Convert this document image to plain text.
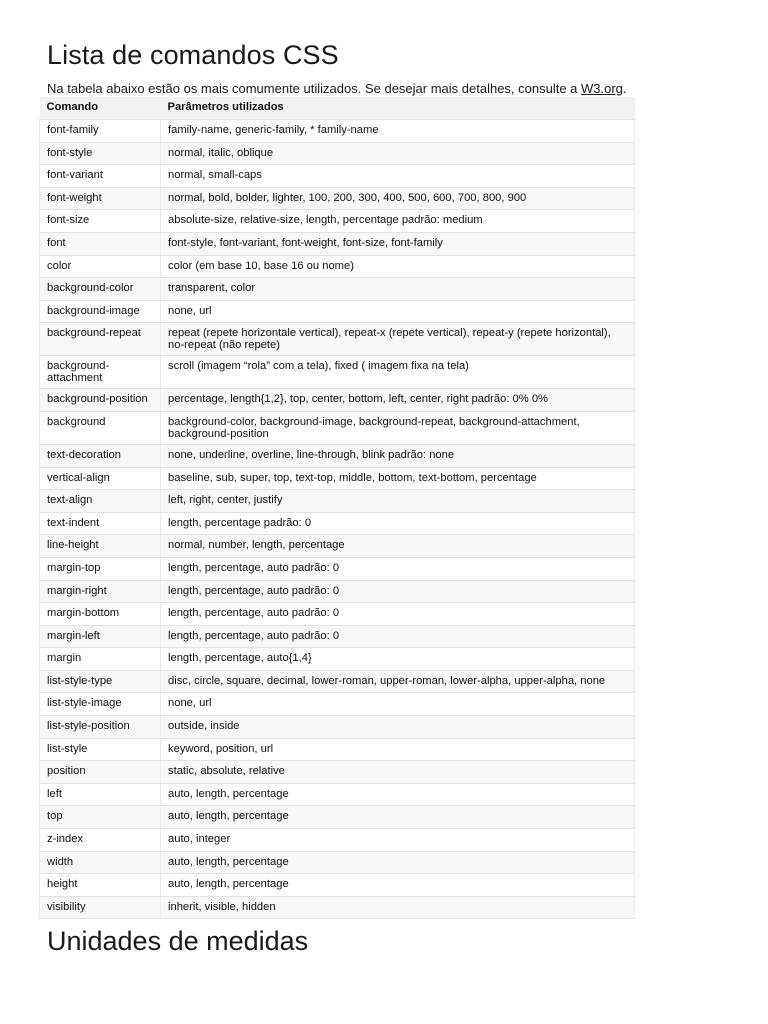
Lista de comandos CSS

Na tabela abaixo estão os mais comumente utilizados. Se desejar mais detalhes, consulte a W3.org.

Comando	Parâmetros utilizados
font-family	family-name, generic-family, * family-name
font-style	normal, italic, oblique
font-variant	normal, small-caps
font-weight	normal, bold, bolder, lighter, 100, 200, 300, 400, 500, 600, 700, 800, 900
font-size	absolute-size, relative-size, length, percentage padrão: medium
font	font-style, font-variant, font-weight, font-size, font-family
color	color (em base 10, base 16 ou nome)
background-color	transparent, color
background-image	none, url
background-repeat	repeat (repete horizontale vertical), repeat-x (repete vertical), repeat-y (repete horizontal), no-repeat (não repete)
background-attachment	scroll (imagem “rola” com a tela), fixed ( imagem fixa na tela)
background-position	percentage, length{1,2}, top, center, bottom, left, center, right padrão: 0% 0%
background	background-color, background-image, background-repeat, background-attachment, background-position
text-decoration	none, underline, overline, line-through, blink padrão: none
vertical-align	baseline, sub, super, top, text-top, middle, bottom, text-bottom, percentage
text-align	left, right, center, justify
text-indent	length, percentage padrão: 0
line-height	normal, number, length, percentage
margin-top	length, percentage, auto padrão: 0
margin-right	length, percentage, auto padrão: 0
margin-bottom	length, percentage, auto padrão: 0
margin-left	length, percentage, auto padrão: 0
margin	length, percentage, auto{1,4}
list-style-type	disc, circle, square, decimal, lower-roman, upper-roman, lower-alpha, upper-alpha, none
list-style-image	none, url
list-style-position	outside, inside
list-style	keyword, position, url
position	static, absolute, relative
left	auto, length, percentage
top	auto, length, percentage
z-index	auto, integer
width	auto, length, percentage
height	auto, length, percentage
visibility	inherit, visible, hidden
Unidades de medidas
